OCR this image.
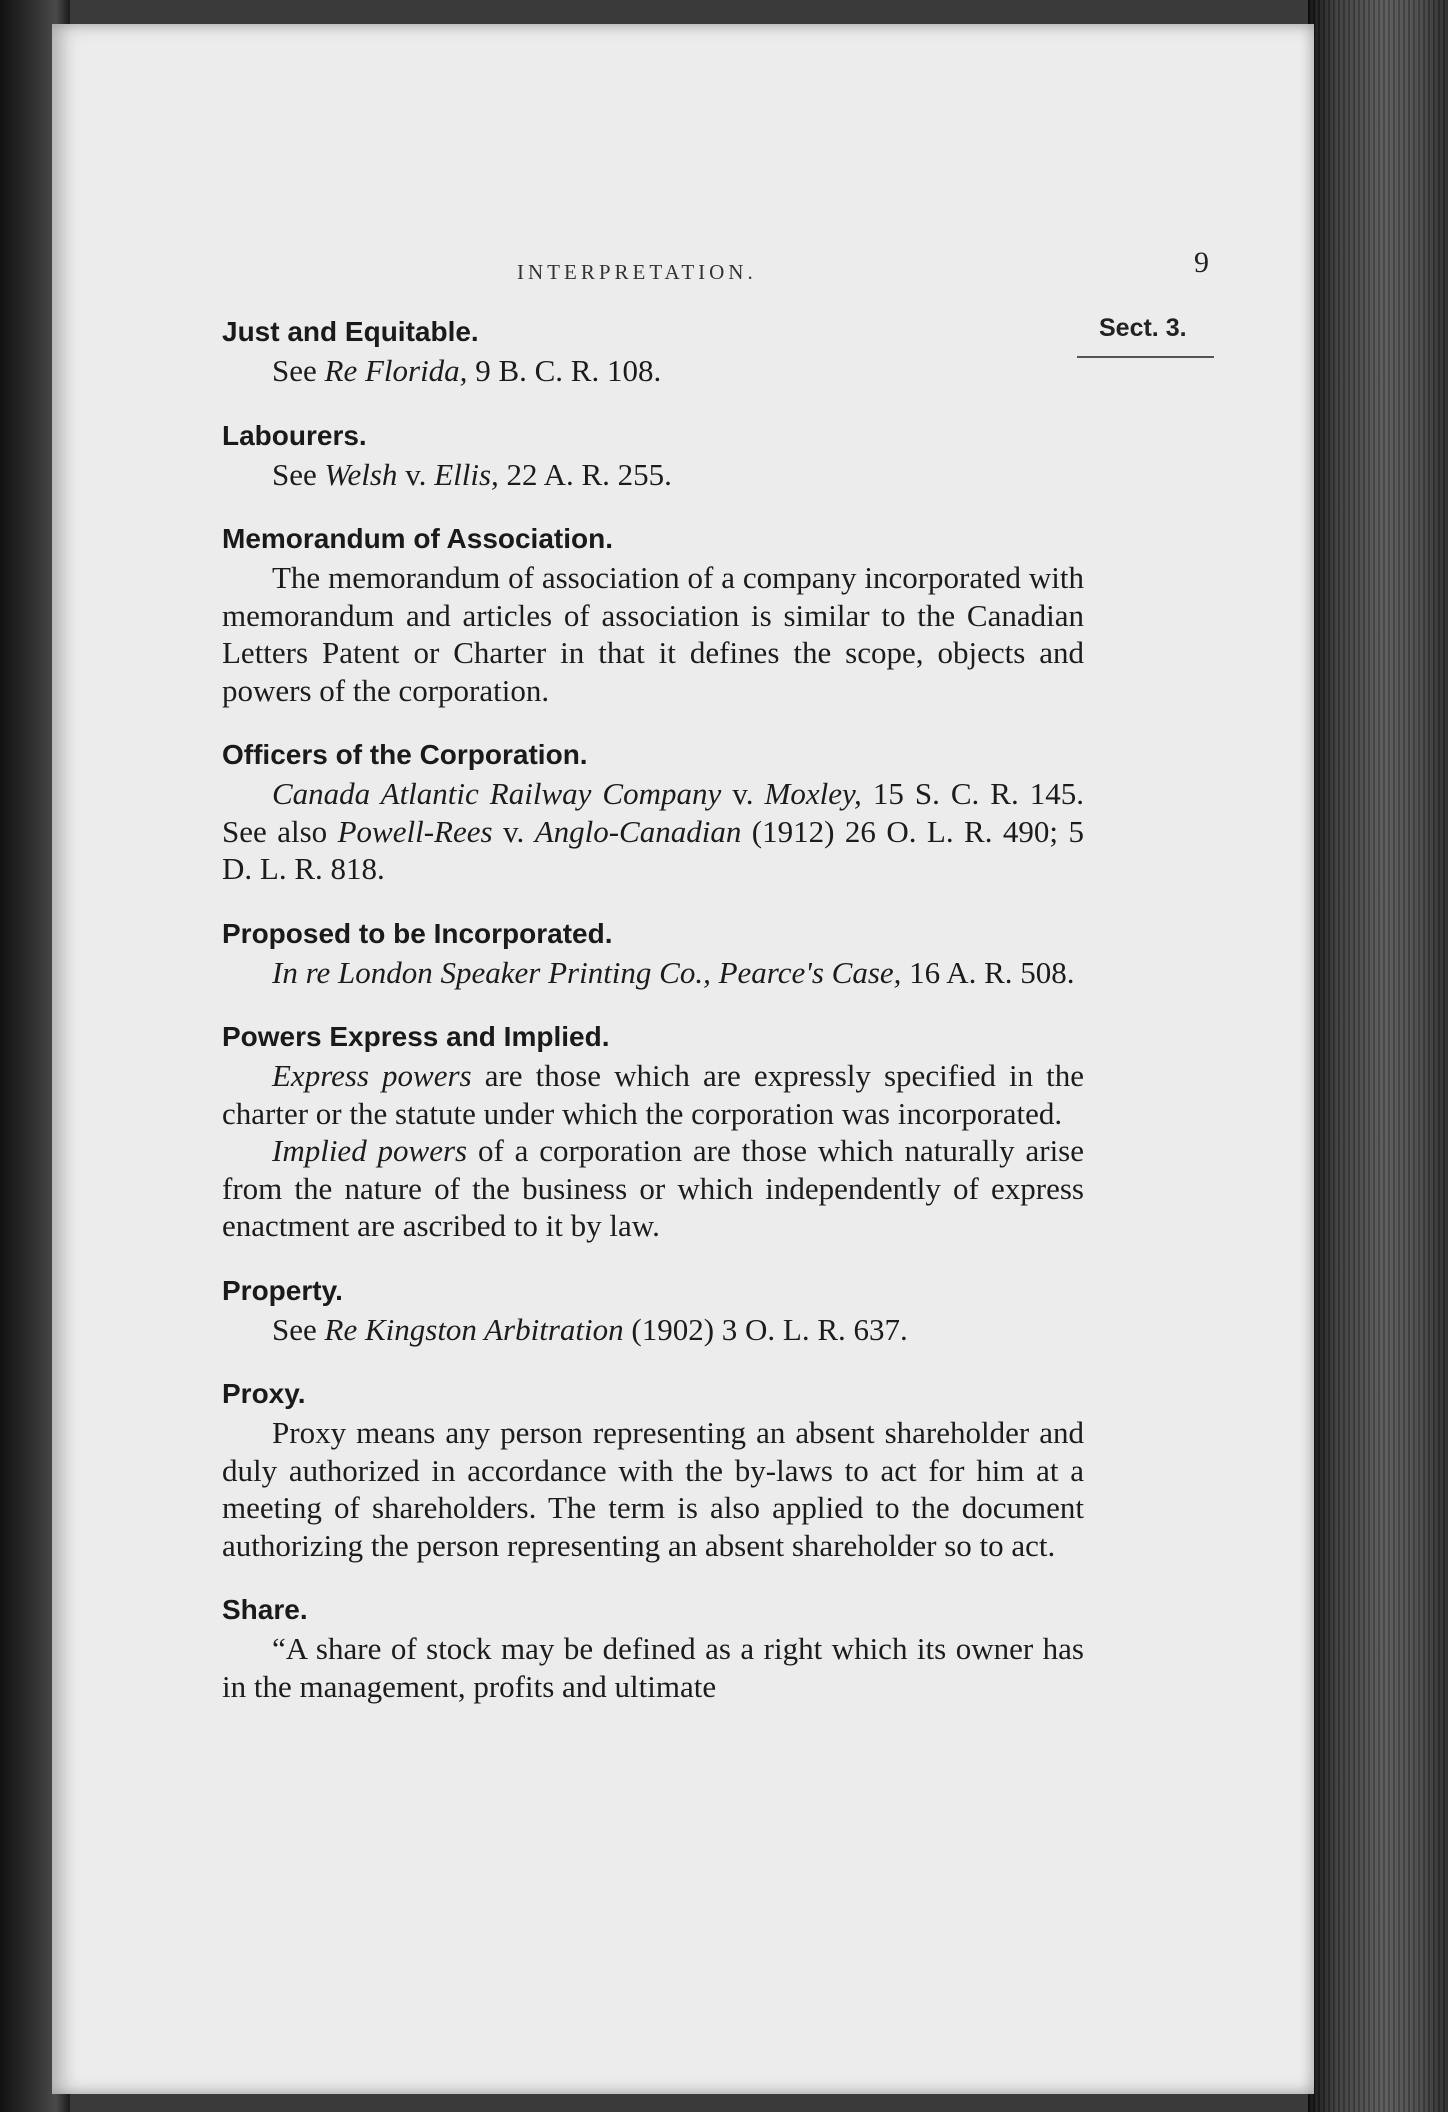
INTERPRETATION.	9
Sect. 3.
Just and Equitable.

See Re Florida, 9 B. C. R. 108.

Labourers.

See Welsh v. Ellis, 22 A. R. 255.

Memorandum of Association.

The memorandum of association of a company incorporated with memorandum and articles of association is similar to the Canadian Letters Patent or Charter in that it defines the scope, objects and powers of the corporation.

Officers of the Corporation.

Canada Atlantic Railway Company v. Moxley, 15 S. C. R. 145. See also Powell-Rees v. Anglo-Canadian (1912) 26 O. L. R. 490; 5 D. L. R. 818.

Proposed to be Incorporated.

In re London Speaker Printing Co., Pearce's Case, 16 A. R. 508.

Powers Express and Implied.

Express powers are those which are expressly specified in the charter or the statute under which the corporation was incorporated.

Implied powers of a corporation are those which naturally arise from the nature of the business or which independently of express enactment are ascribed to it by law.

Property.

See Re Kingston Arbitration (1902) 3 O. L. R. 637.

Proxy.

Proxy means any person representing an absent shareholder and duly authorized in accordance with the by-laws to act for him at a meeting of shareholders. The term is also applied to the document authorizing the person representing an absent shareholder so to act.

Share.

“A share of stock may be defined as a right which its owner has in the management, profits and ultimate
